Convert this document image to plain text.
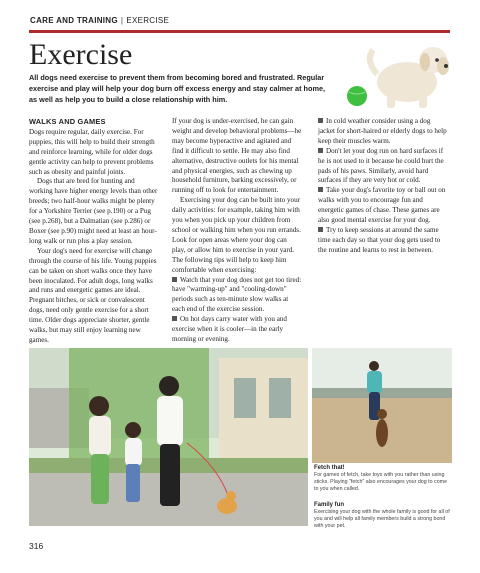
CARE AND TRAINING | EXERCISE
Exercise

All dogs need exercise to prevent them from becoming bored and frustrated. Regular exercise and play will help your dog burn off excess energy and stay calmer at home, as well as help you to build a close relationship with him.

WALKS AND GAMES

Dogs require regular, daily exercise. For puppies, this will help to build their strength and reinforce learning, while for older dogs gentle activity can help to prevent problems such as obesity and painful joints.

Dogs that are bred for hunting and working have higher energy levels than other breeds; two half-hour walks might be plenty for a Yorkshire Terrier (see p.190) or a Pug (see p.268), but a Dalmatian (see p.286) or Boxer (see p.90) might need at least an hour-long walk or run plus a play session.

Your dog's need for exercise will change through the course of his life. Young puppies can be taken on short walks once they have been inoculated. For adult dogs, long walks and runs and energetic games are ideal. Pregnant bitches, or sick or convalescent dogs, need only gentle exercise for a short time. Older dogs appreciate shorter, gentle walks, but may still enjoy learning new games.

If your dog is under-exercised, he can gain weight and develop behavioral problems—he may become hyperactive and agitated and find it difficult to settle. He may also find alternative, destructive outlets for his mental and physical energies, such as chewing up household furniture, barking excessively, or running off to look for entertainment.

Exercising your dog can be built into your daily activities: for example, taking him with you when you pick up your children from school or walking him when you run errands. Look for open areas where your dog can play, or allow him to exercise in your yard. The following tips will help to keep him comfortable when exercising:

Watch that your dog does not get too tired: have "warming-up" and "cooling-down" periods such as ten-minute slow walks at each end of the exercise session.

On hot days carry water with you and exercise when it is cooler—in the early morning or evening.

In cold weather consider using a dog jacket for short-haired or elderly dogs to help keep their muscles warm.

Don't let your dog run on hard surfaces if he is not used to it because he could hurt the pads of his paws. Similarly, avoid hard surfaces if they are very hot or cold.

Take your dog's favorite toy or ball out on walks with you to encourage fun and energetic games of chase. These games are also good mental exercise for your dog.

Try to keep sessions at around the same time each day so that your dog gets used to the routine and learns to rest in between.

Fetch that!
For games of fetch, take toys with you rather than using sticks. Playing "fetch" also encourages your dog to come to you when called.
Family fun
Exercising your dog with the whole family is good for all of you and will help all family members build a strong bond with your pet.
316
